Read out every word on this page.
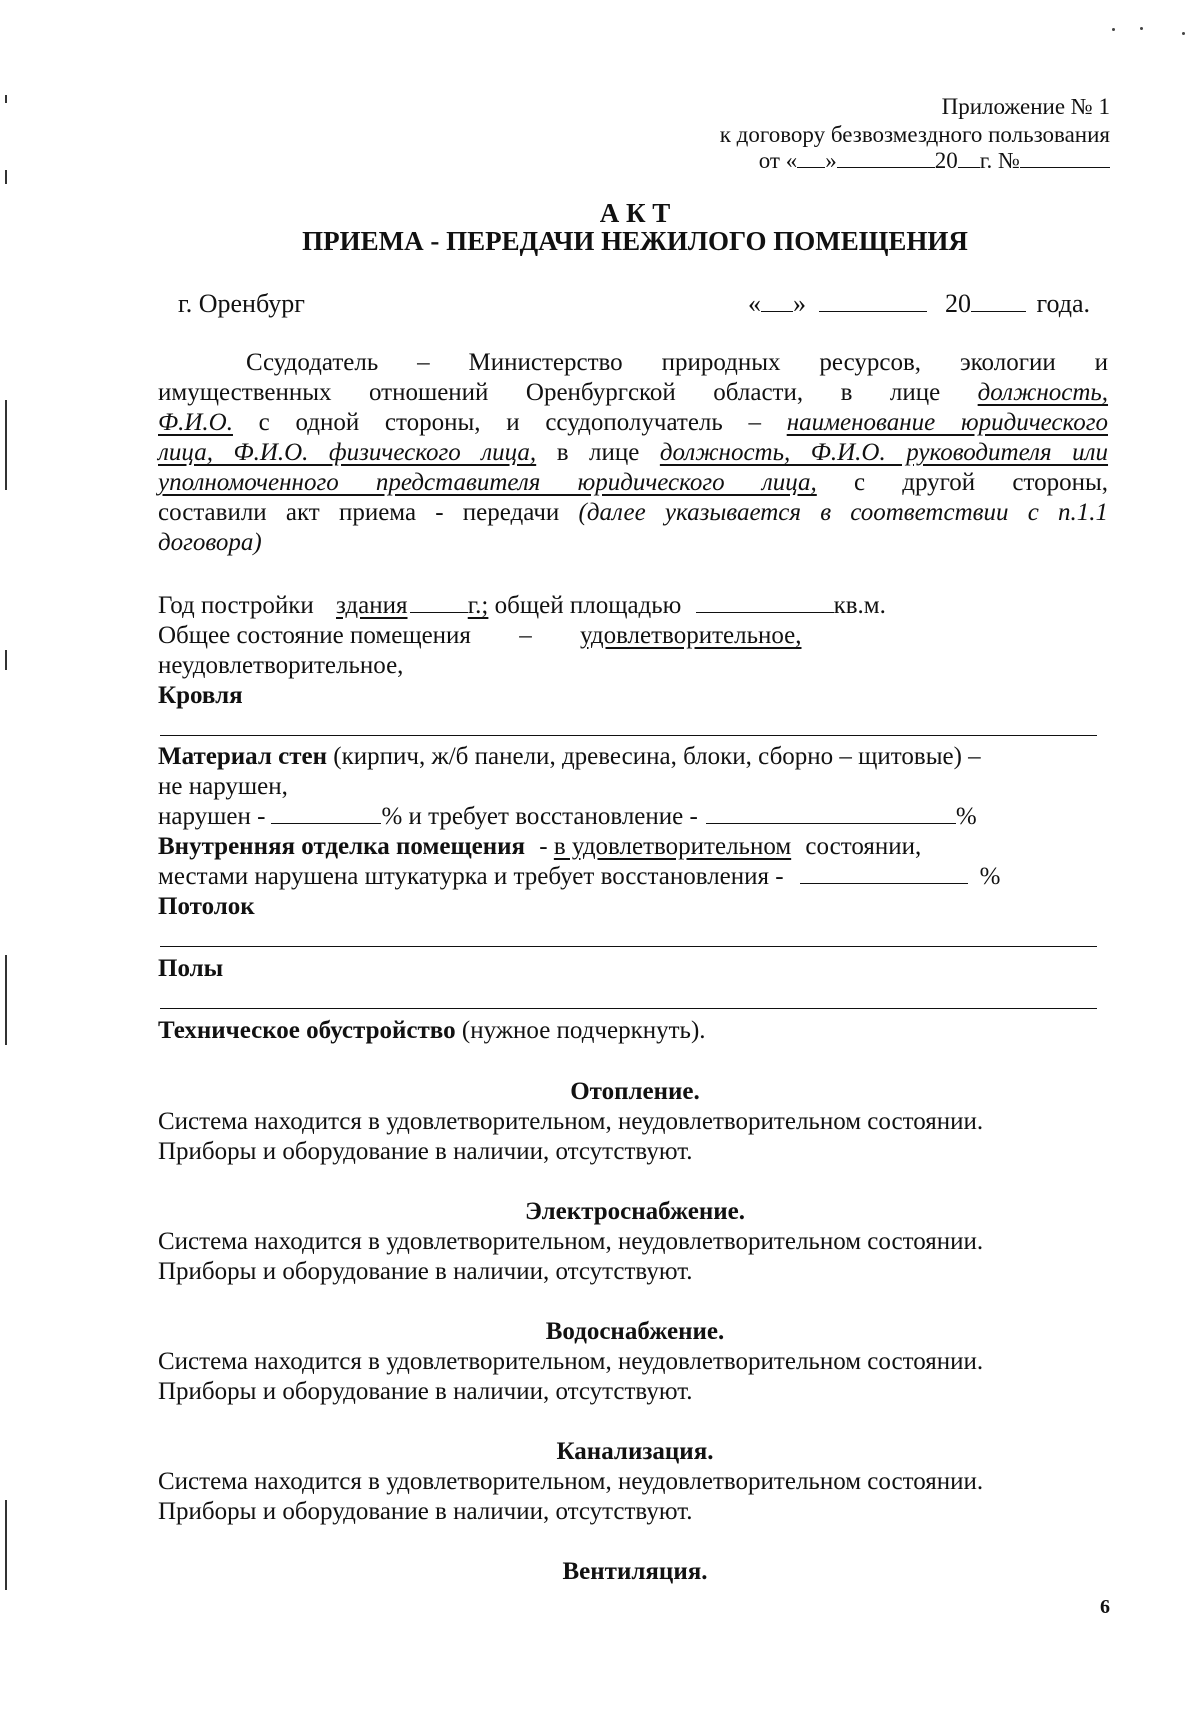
Приложение № 1
к договору безвозмездного пользования
от « »	20 г. №
А К Т
ПРИЕМА - ПЕРЕДАЧИ НЕЖИЛОГО ПОМЕЩЕНИЯ
г. Оренбург	« »	20	года.
Ссудодатель – Министерство природных ресурсов, экологии и
имущественных отношений Оренбургской области, в лице должность,
Ф.И.О. с одной стороны, и ссудополучатель – наименование юридического
лица, Ф.И.О. физического лица, в лице должность, Ф.И.О. руководителя или
уполномоченного представителя юридического лица, с другой стороны,
составили акт приема - передачи (далее указывается в соответствии с п.1.1
договора)
Год постройки здания г.; общей площадью	кв.м.
Общее состояние помещения – удовлетворительное,
неудовлетворительное,
Кровля
Материал стен (кирпич, ж/б панели, древесина, блоки, сборно – щитовые) –
не нарушен,
нарушен -	% и требует восстановление -	%
Внутренняя отделка помещения - в удовлетворительном состоянии,
местами нарушена штукатурка и требует восстановления -	%
Потолок
Полы
Техническое обустройство (нужное подчеркнуть).
Отопление.
Система находится в удовлетворительном, неудовлетворительном состоянии.
Приборы и оборудование в наличии, отсутствуют.
Электроснабжение.
Система находится в удовлетворительном, неудовлетворительном состоянии.
Приборы и оборудование в наличии, отсутствуют.
Водоснабжение.
Система находится в удовлетворительном, неудовлетворительном состоянии.
Приборы и оборудование в наличии, отсутствуют.
Канализация.
Система находится в удовлетворительном, неудовлетворительном состоянии.
Приборы и оборудование в наличии, отсутствуют.
Вентиляция.
6
